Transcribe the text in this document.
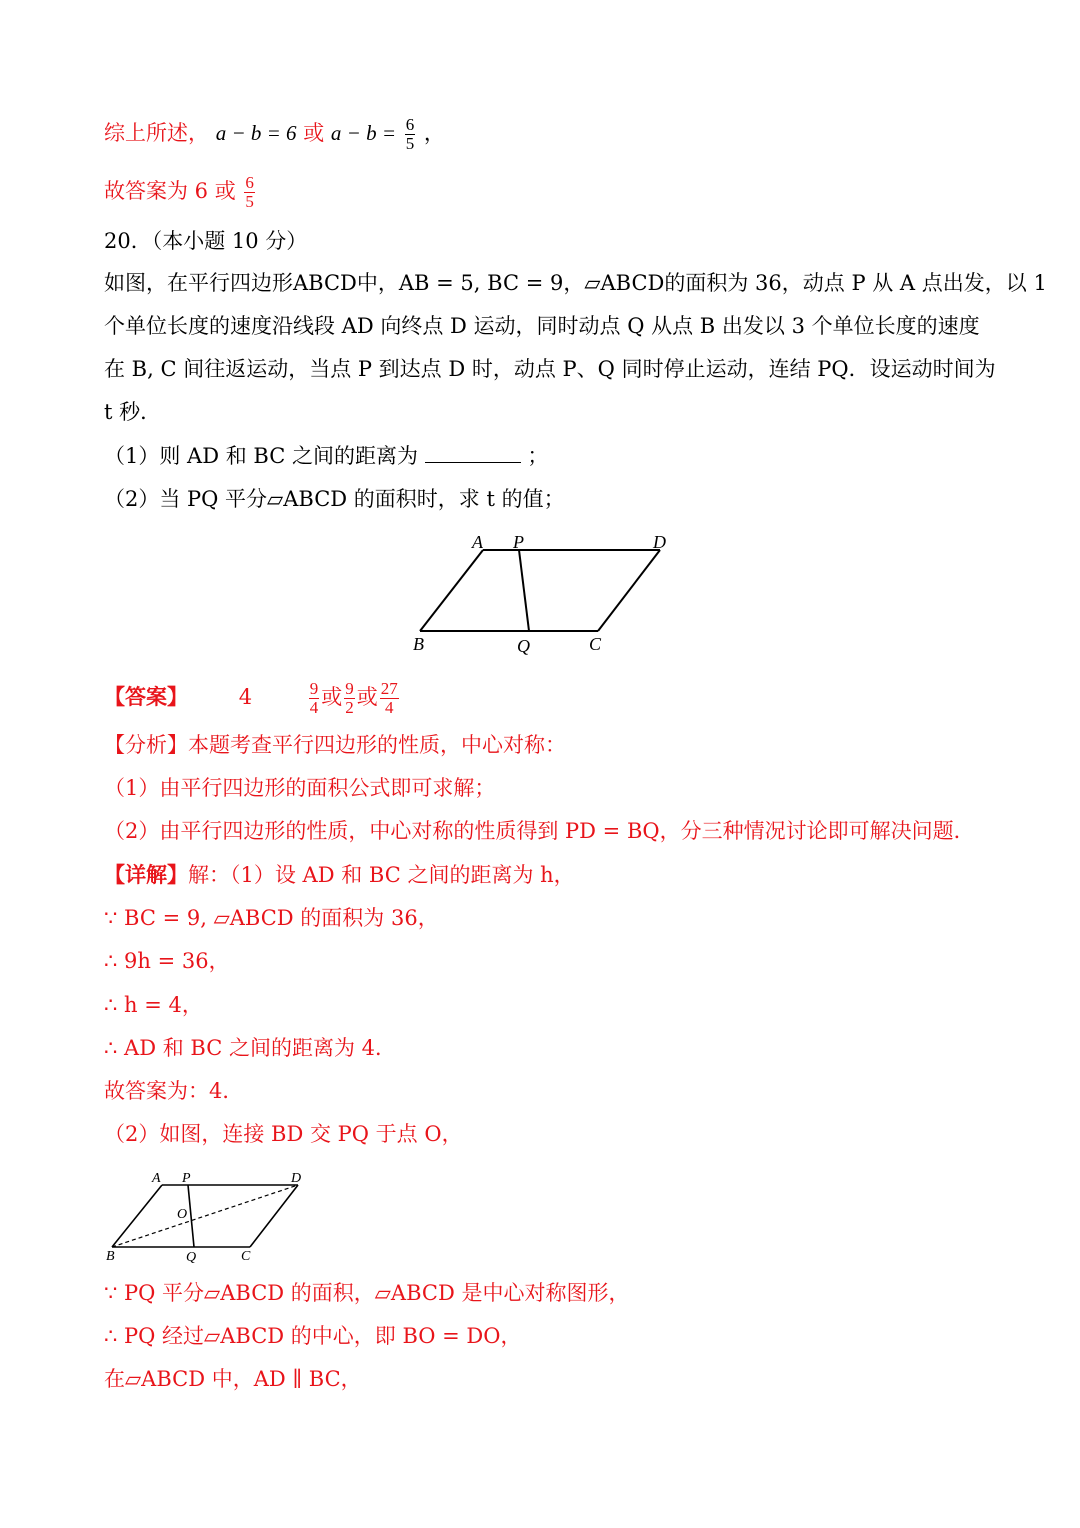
综上所述， a − b = 6 或 $a - b = \frac{6}{5}$ ，
故答案为 6 或 $\frac{6}{5}$
20．（本小题 10 分）
如图，在平行四边形ABCD中，AB = 5, BC = 9，▱ABCD的面积为 36，动点 P 从 A 点出发，以 1
个单位长度的速度沿线段 AD 向终点 D 运动，同时动点 Q 从点 B 出发以 3 个单位长度的速度
在 B, C 间往返运动，当点 P 到达点 D 时，动点 P、Q 同时停止运动，连结 PQ．设运动时间为
t 秒．
（1）则 AD 和 BC 之间的距离为	；
（2）当 PQ 平分▱ABCD 的面积时，求 t 的值；
A P	D
B	Q	C
【答案】 4	$\frac{9}{4}$ 或 $\frac{9}{2}$ 或 $\frac{27}{4}$
【分析】本题考查平行四边形的性质，中心对称：
（1）由平行四边形的面积公式即可求解；
（2）由平行四边形的性质，中心对称的性质得到 PD = BQ，分三种情况讨论即可解决问题．
【详解】解：（1）设 AD 和 BC 之间的距离为 h，
∵ BC = 9, ▱ABCD 的面积为 36，
∴ 9h = 36，
∴ h = 4，
∴ AD 和 BC 之间的距离为 4．
故答案为：4．
（2）如图，连接 BD 交 PQ 于点 O，
A P	D
O
B	Q	C
∵ PQ 平分▱ABCD 的面积，▱ABCD 是中心对称图形，
∴ PQ 经过▱ABCD 的中心，即 BO = DO，
在▱ABCD 中，AD ∥ BC，
